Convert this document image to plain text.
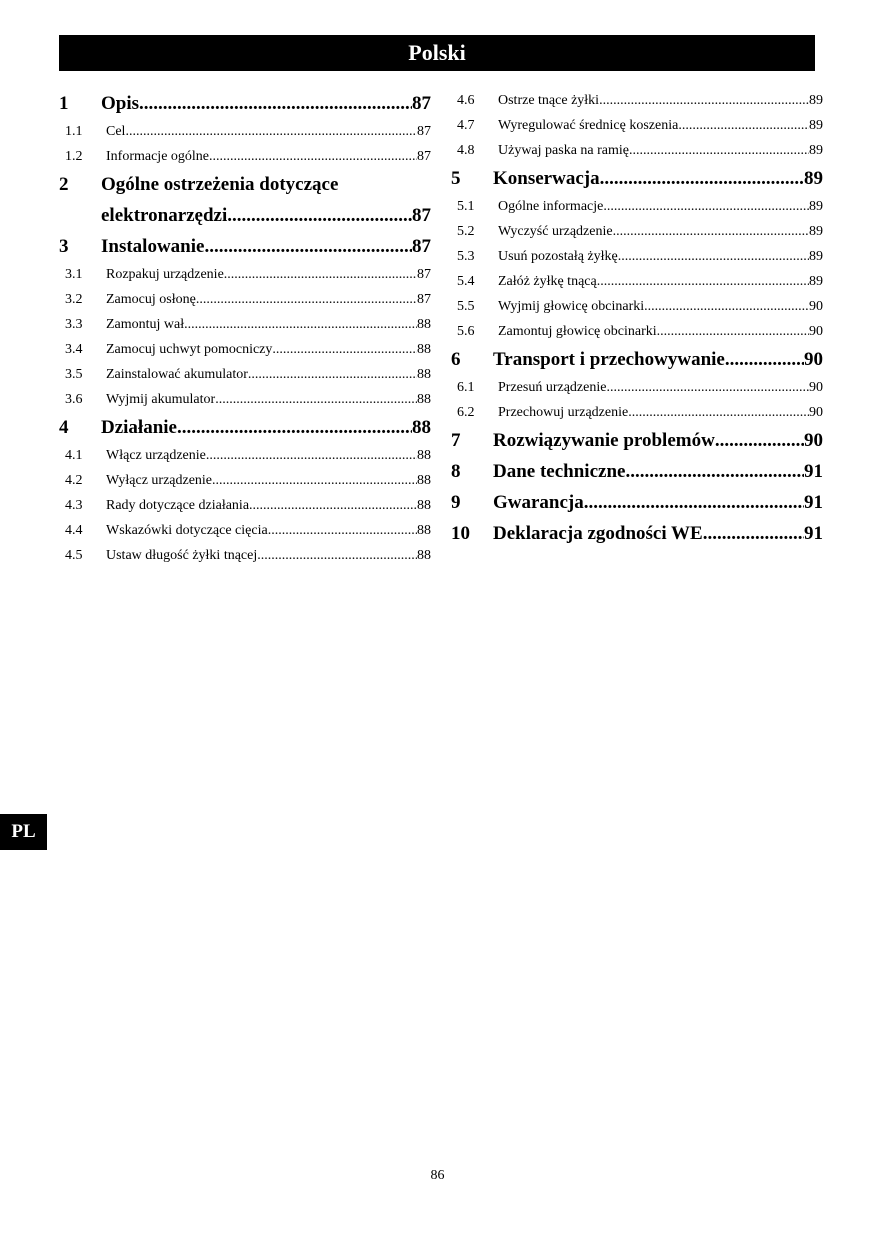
Polski
1	Opis .....	87
1.1	Cel .....	87
1.2	Informacje ogólne .....	87
2	Ogólne ostrzeżenia dotyczące
elektronarzędzi .....	87
3	Instalowanie .....	87
3.1	Rozpakuj urządzenie .....	87
3.2	Zamocuj osłonę .....	87
3.3	Zamontuj wał .....	88
3.4	Zamocuj uchwyt pomocniczy .....	88
3.5	Zainstalować akumulator .....	88
3.6	Wyjmij akumulator .....	88
4	Działanie .....	88
4.1	Włącz urządzenie .....	88
4.2	Wyłącz urządzenie .....	88
4.3	Rady dotyczące działania .....	88
4.4	Wskazówki dotyczące cięcia .....	88
4.5	Ustaw długość żyłki tnącej .....	88
4.6	Ostrze tnące żyłki .....	89
4.7	Wyregulować średnicę koszenia .....	89
4.8	Używaj paska na ramię .....	89
5	Konserwacja .....	89
5.1	Ogólne informacje .....	89
5.2	Wyczyść urządzenie .....	89
5.3	Usuń pozostałą żyłkę .....	89
5.4	Załóż żyłkę tnącą .....	89
5.5	Wyjmij głowicę obcinarki .....	90
5.6	Zamontuj głowicę obcinarki .....	90
6	Transport i przechowywanie .....	90
6.1	Przesuń urządzenie .....	90
6.2	Przechowuj urządzenie .....	90
7	Rozwiązywanie problemów .....	90
8	Dane techniczne .....	91
9	Gwarancja .....	91
10	Deklaracja zgodności WE .....	91
PL
86
